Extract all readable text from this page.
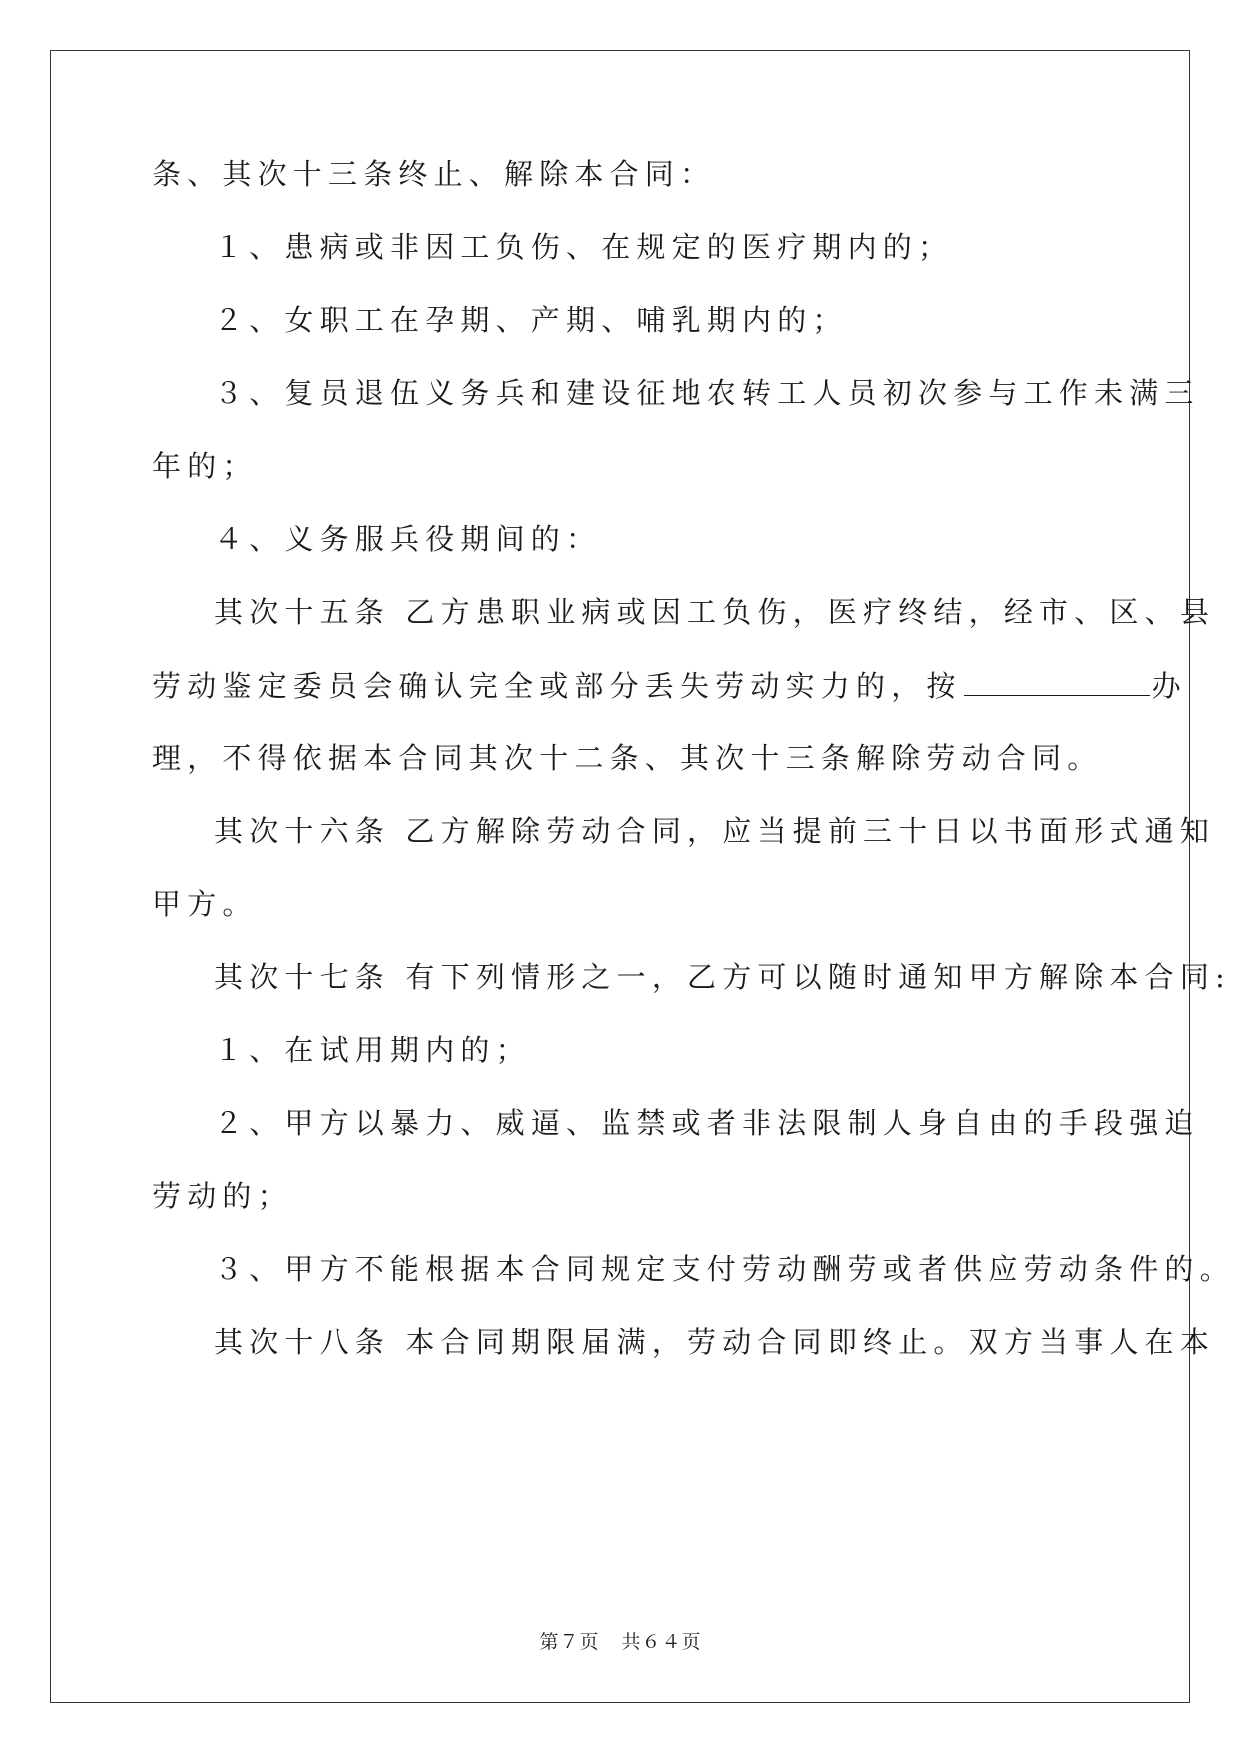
条、其次十三条终止、解除本合同：
１、患病或非因工负伤、在规定的医疗期内的；
２、女职工在孕期、产期、哺乳期内的；
３、复员退伍义务兵和建设征地农转工人员初次参与工作未满三
年的；
４、义务服兵役期间的：
其次十五条 乙方患职业病或因工负伤，医疗终结，经市、区、县
劳动鉴定委员会确认完全或部分丢失劳动实力的，按	办
理，不得依据本合同其次十二条、其次十三条解除劳动合同。
其次十六条 乙方解除劳动合同，应当提前三十日以书面形式通知
甲方。
其次十七条 有下列情形之一，乙方可以随时通知甲方解除本合同:
１、在试用期内的；
２、甲方以暴力、威逼、监禁或者非法限制人身自由的手段强迫
劳动的；
３、甲方不能根据本合同规定支付劳动酬劳或者供应劳动条件的。
其次十八条 本合同期限届满，劳动合同即终止。双方当事人在本
第７页 共６４页
